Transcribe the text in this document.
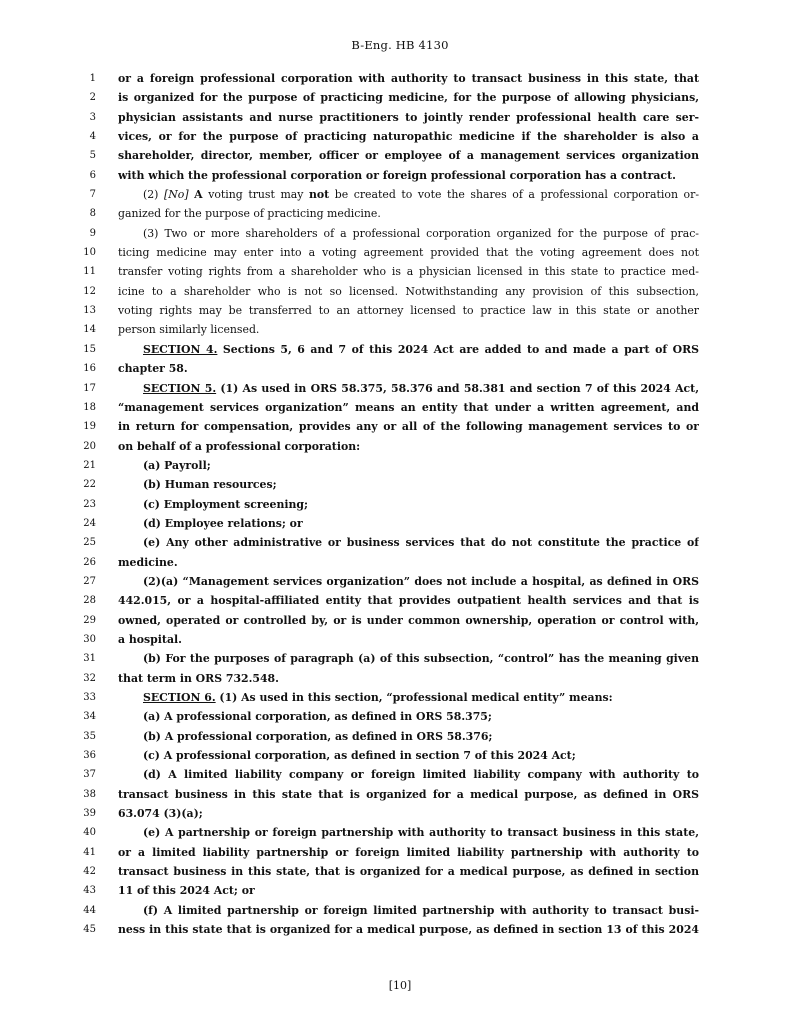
B-Eng. HB 4130
1 or a foreign professional corporation with authority to transact business in this state, that
2 is organized for the purpose of practicing medicine, for the purpose of allowing physicians,
3 physician assistants and nurse practitioners to jointly render professional health care ser-
4 vices, or for the purpose of practicing naturopathic medicine if the shareholder is also a
5 shareholder, director, member, officer or employee of a management services organization
6 with which the professional corporation or foreign professional corporation has a contract.
7	(2) [No] A voting trust may not be created to vote the shares of a professional corporation or-
8 ganized for the purpose of practicing medicine.
9	(3) Two or more shareholders of a professional corporation organized for the purpose of prac-
10 ticing medicine may enter into a voting agreement provided that the voting agreement does not
11 transfer voting rights from a shareholder who is a physician licensed in this state to practice med-
12 icine to a shareholder who is not so licensed. Notwithstanding any provision of this subsection,
13 voting rights may be transferred to an attorney licensed to practice law in this state or another
14 person similarly licensed.
15	SECTION 4. Sections 5, 6 and 7 of this 2024 Act are added to and made a part of ORS
16 chapter 58.
17	SECTION 5. (1) As used in ORS 58.375, 58.376 and 58.381 and section 7 of this 2024 Act,
18 “management services organization” means an entity that under a written agreement, and
19 in return for compensation, provides any or all of the following management services to or
20 on behalf of a professional corporation:
21	(a) Payroll;
22	(b) Human resources;
23	(c) Employment screening;
24	(d) Employee relations; or
25	(e) Any other administrative or business services that do not constitute the practice of
26 medicine.
27	(2)(a) “Management services organization” does not include a hospital, as defined in ORS
28 442.015, or a hospital-affiliated entity that provides outpatient health services and that is
29 owned, operated or controlled by, or is under common ownership, operation or control with,
30 a hospital.
31	(b) For the purposes of paragraph (a) of this subsection, “control” has the meaning given
32 that term in ORS 732.548.
33	SECTION 6. (1) As used in this section, “professional medical entity” means:
34	(a) A professional corporation, as defined in ORS 58.375;
35	(b) A professional corporation, as defined in ORS 58.376;
36	(c) A professional corporation, as defined in section 7 of this 2024 Act;
37	(d) A limited liability company or foreign limited liability company with authority to
38 transact business in this state that is organized for a medical purpose, as defined in ORS
39 63.074 (3)(a);
40	(e) A partnership or foreign partnership with authority to transact business in this state,
41 or a limited liability partnership or foreign limited liability partnership with authority to
42 transact business in this state, that is organized for a medical purpose, as defined in section
43 11 of this 2024 Act; or
44	(f) A limited partnership or foreign limited partnership with authority to transact busi-
45 ness in this state that is organized for a medical purpose, as defined in section 13 of this 2024
[10]
